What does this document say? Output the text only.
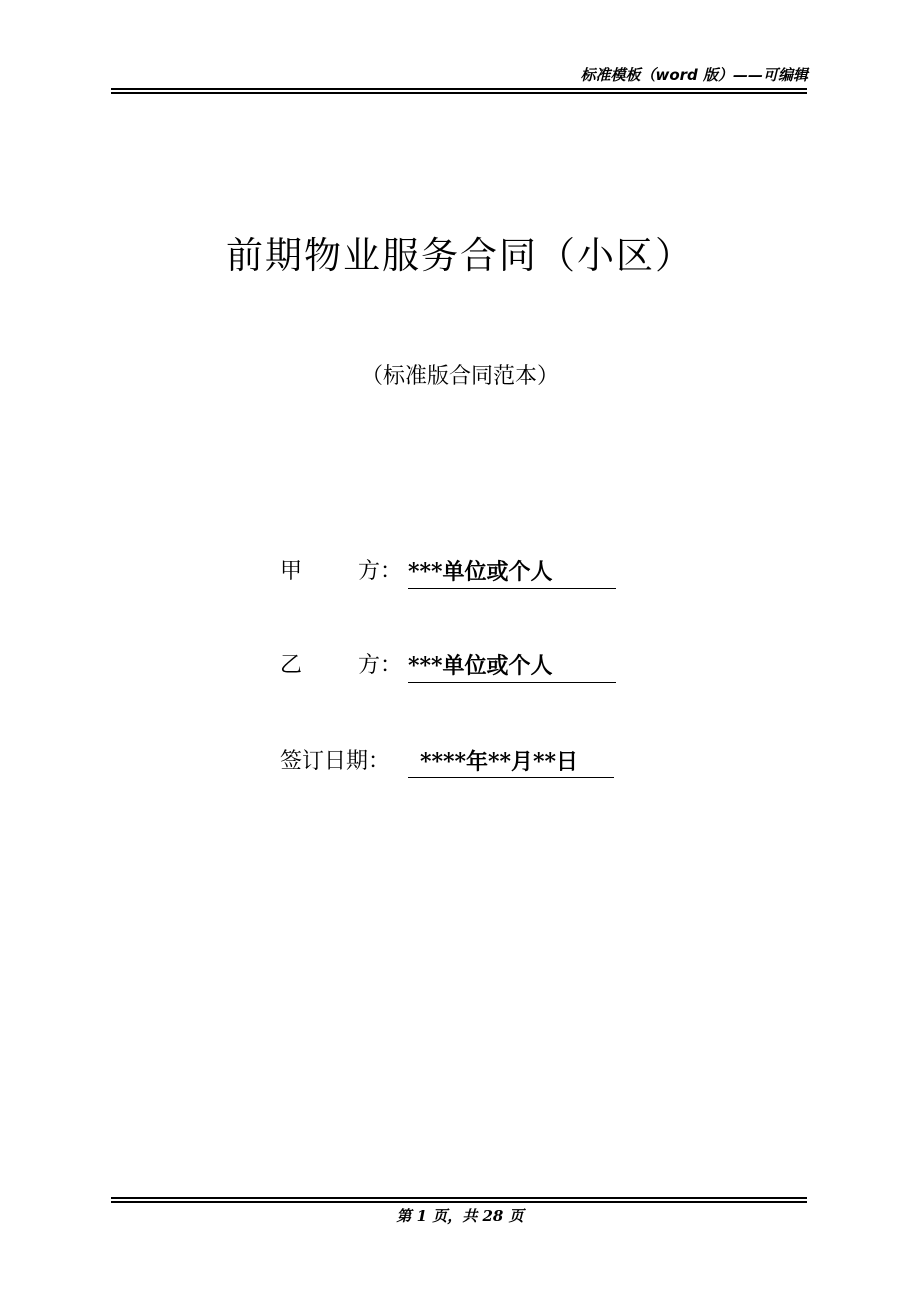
标准模板（word 版）——可编辑
前期物业服务合同（小区）
（标准版合同范本）
甲	方： ***单位或个人
乙	方： ***单位或个人
签订日期：	****年**月**日
第 1 页，共 28 页
